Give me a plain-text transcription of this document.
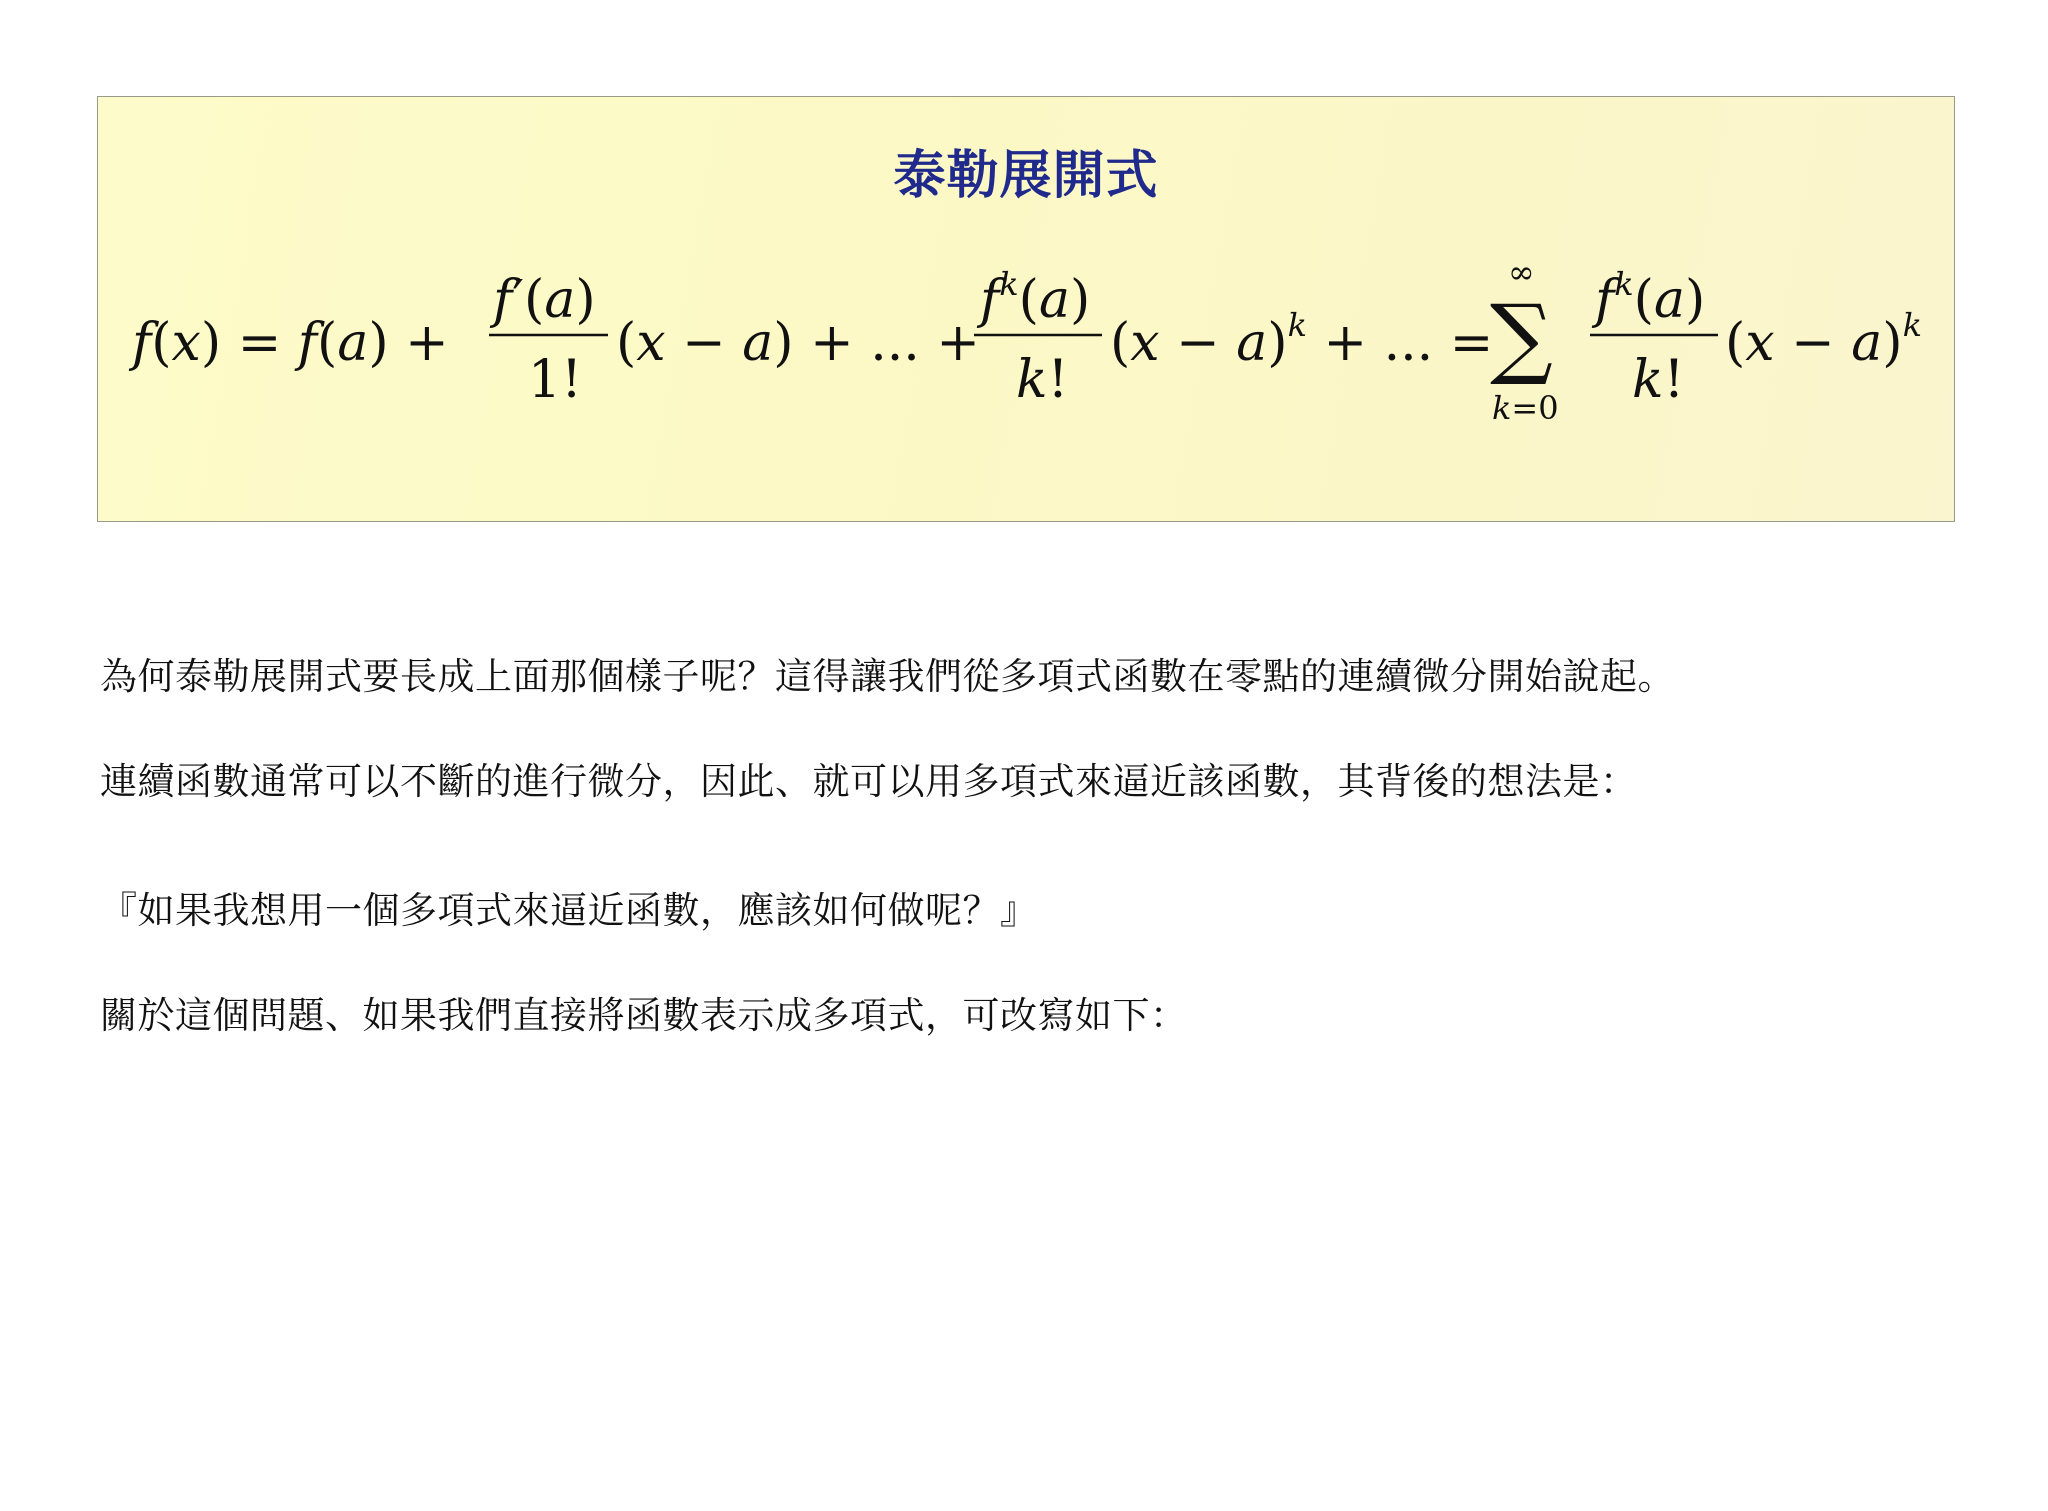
泰勒展開式
f(x) = f(a) +
f′(a)
1!
(x − a) + ... +
$f^k(a)$
k!
$(x - a)^k$ + ... =
∞
∑
k=0
$f^k(a)$
k!
$(x - a)^k$
為何泰勒展開式要長成上面那個樣子呢？這得讓我們從多項式函數在零點的連續微分開始說起。
連續函數通常可以不斷的進行微分，因此、就可以用多項式來逼近該函數，其背後的想法是：
『如果我想用一個多項式來逼近函數，應該如何做呢？』
關於這個問題、如果我們直接將函數表示成多項式，可改寫如下：
